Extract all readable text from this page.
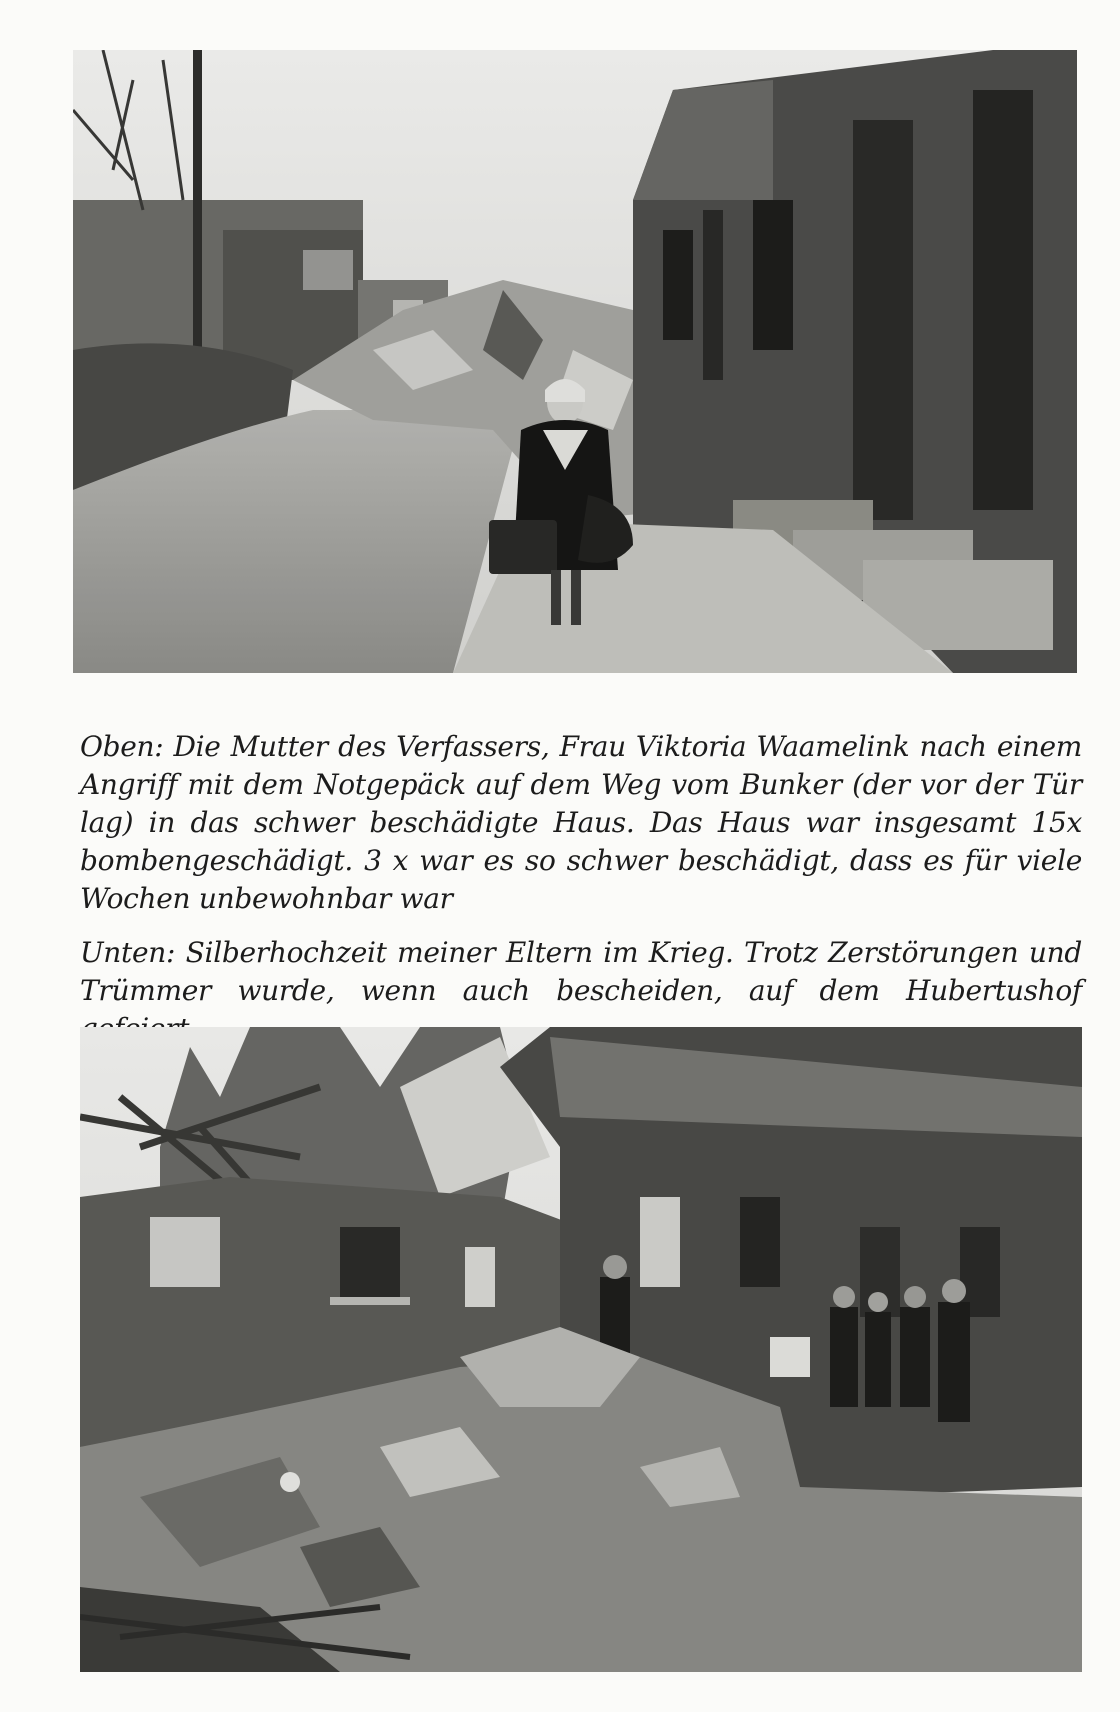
Oben: Die Mutter des Verfassers, Frau Viktoria Waamelink nach einem Angriff mit dem Notgepäck auf dem Weg vom Bunker (der vor der Tür lag) in das schwer beschädigte Haus. Das Haus war insgesamt 15x bombengeschädigt. 3 x war es so schwer beschädigt, dass es für viele Wochen unbewohnbar war

Unten: Silberhochzeit meiner Eltern im Krieg. Trotz Zerstörungen und Trümmer wurde, wenn auch bescheiden, auf dem Hubertushof
